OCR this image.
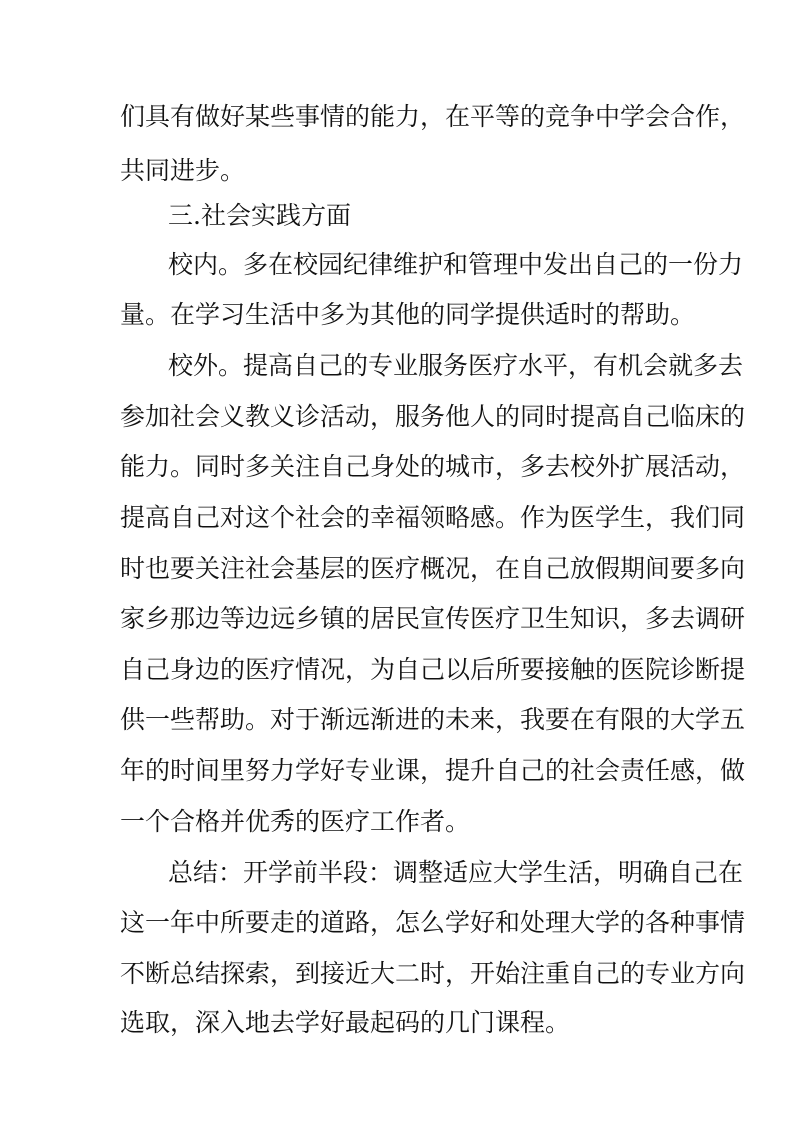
们具有做好某些事情的能力，在平等的竞争中学会合作，
共同进步。
三.社会实践方面
校内。多在校园纪律维护和管理中发出自己的一份力
量。在学习生活中多为其他的同学提供适时的帮助。
校外。提高自己的专业服务医疗水平，有机会就多去
参加社会义教义诊活动，服务他人的同时提高自己临床的
能力。同时多关注自己身处的城市，多去校外扩展活动，
提高自己对这个社会的幸福领略感。作为医学生，我们同
时也要关注社会基层的医疗概况，在自己放假期间要多向
家乡那边等边远乡镇的居民宣传医疗卫生知识，多去调研
自己身边的医疗情况，为自己以后所要接触的医院诊断提
供一些帮助。对于渐远渐进的未来，我要在有限的大学五
年的时间里努力学好专业课，提升自己的社会责任感，做
一个合格并优秀的医疗工作者。
总结：开学前半段：调整适应大学生活，明确自己在
这一年中所要走的道路，怎么学好和处理大学的各种事情
不断总结探索，到接近大二时，开始注重自己的专业方向
选取，深入地去学好最起码的几门课程。
